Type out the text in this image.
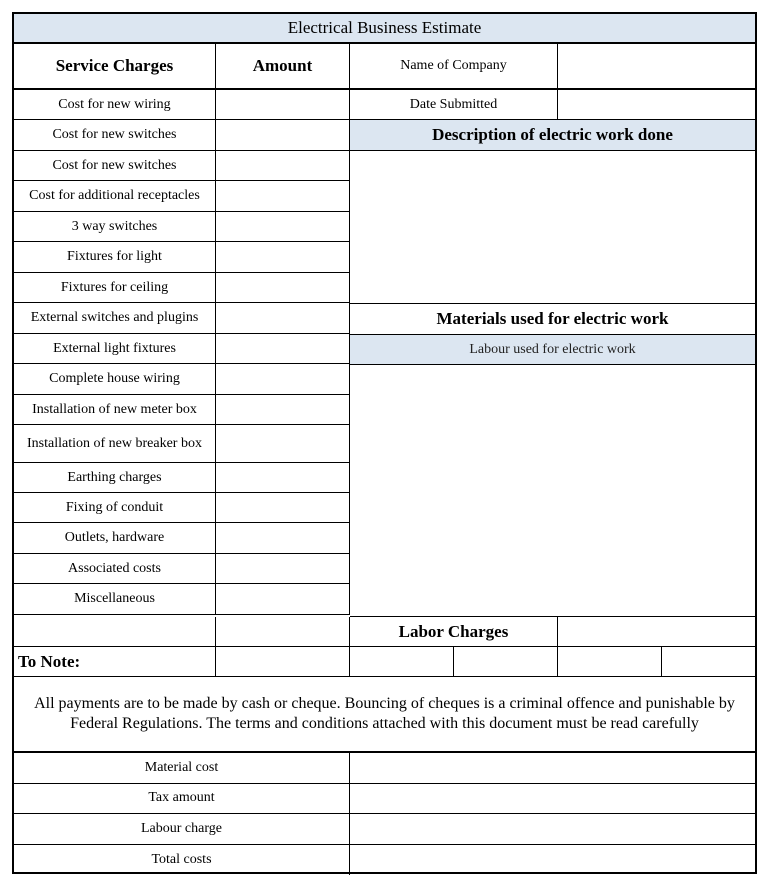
Electrical Business Estimate
Service Charges	Amount	Name of Company
Date Submitted
Description of electric work done
Materials used for electric work
Labour used for electric work
Cost for new wiring
Cost for new switches
Cost for new switches
Cost for additional receptacles
3 way switches
Fixtures for light
Fixtures for ceiling
External switches and plugins
External light fixtures
Complete house wiring
Installation of new meter box
Installation of new breaker box
Earthing charges
Fixing of conduit
Outlets, hardware
Associated costs
Miscellaneous
Labor Charges
To Note:
All payments are to be made by cash or cheque. Bouncing of cheques is a criminal offence and punishable by Federal Regulations. The terms and conditions attached with this document must be read carefully
Material cost
Tax amount
Labour charge
Total costs
